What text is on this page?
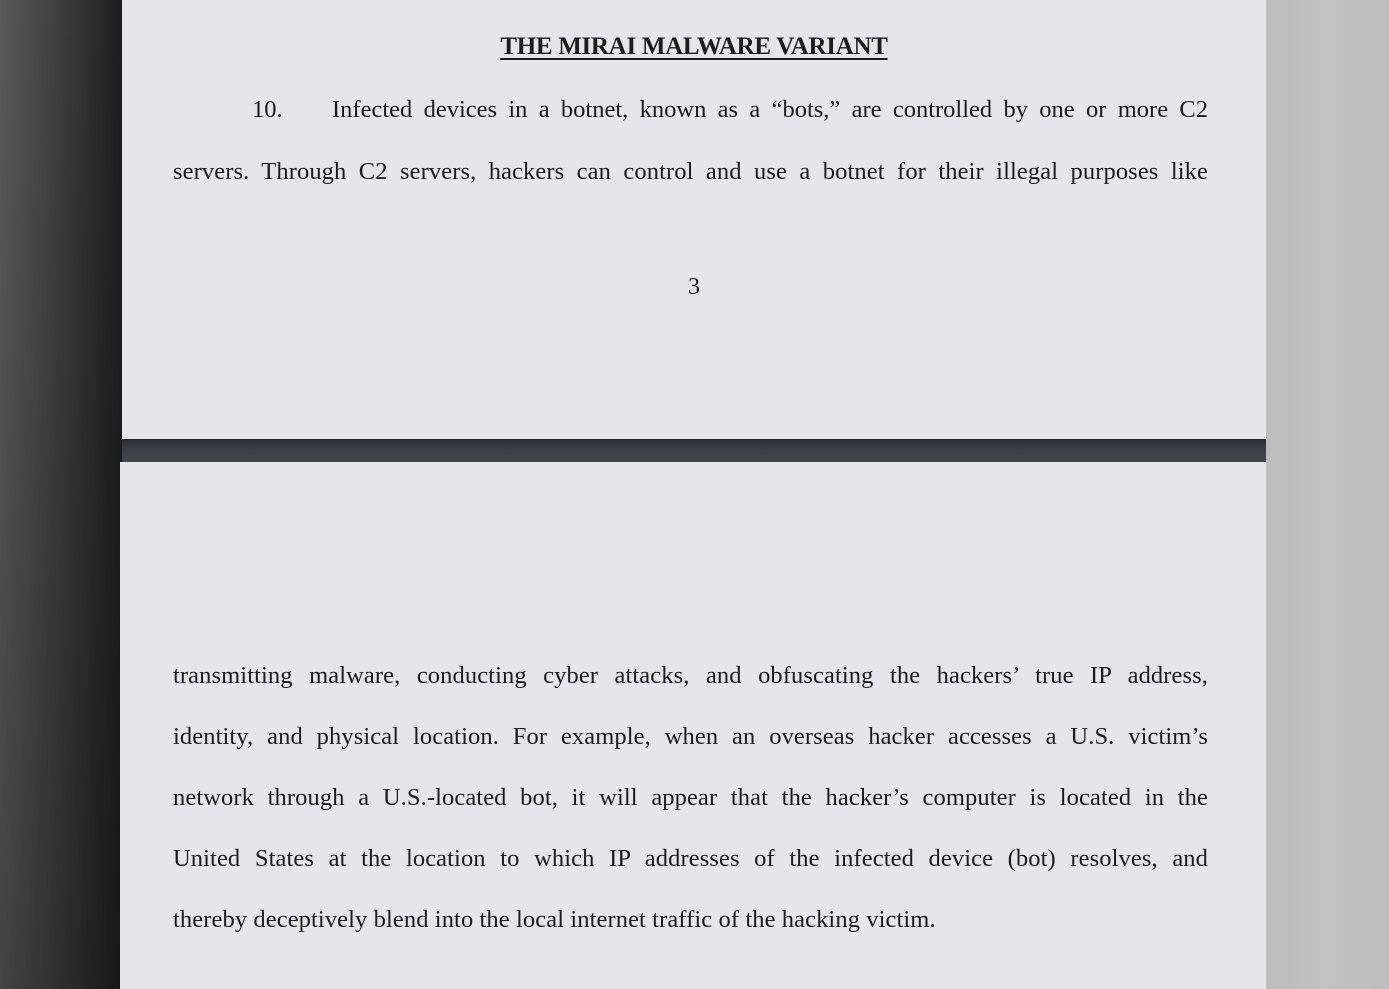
THE MIRAI MALWARE VARIANT
10. Infected devices in a botnet, known as a “bots,” are controlled by one or more C2
servers. Through C2 servers, hackers can control and use a botnet for their illegal purposes like
3
transmitting malware, conducting cyber attacks, and obfuscating the hackers’ true IP address,
identity, and physical location. For example, when an overseas hacker accesses a U.S. victim’s
network through a U.S.-located bot, it will appear that the hacker’s computer is located in the
United States at the location to which IP addresses of the infected device (bot) resolves, and
thereby deceptively blend into the local internet traffic of the hacking victim.
